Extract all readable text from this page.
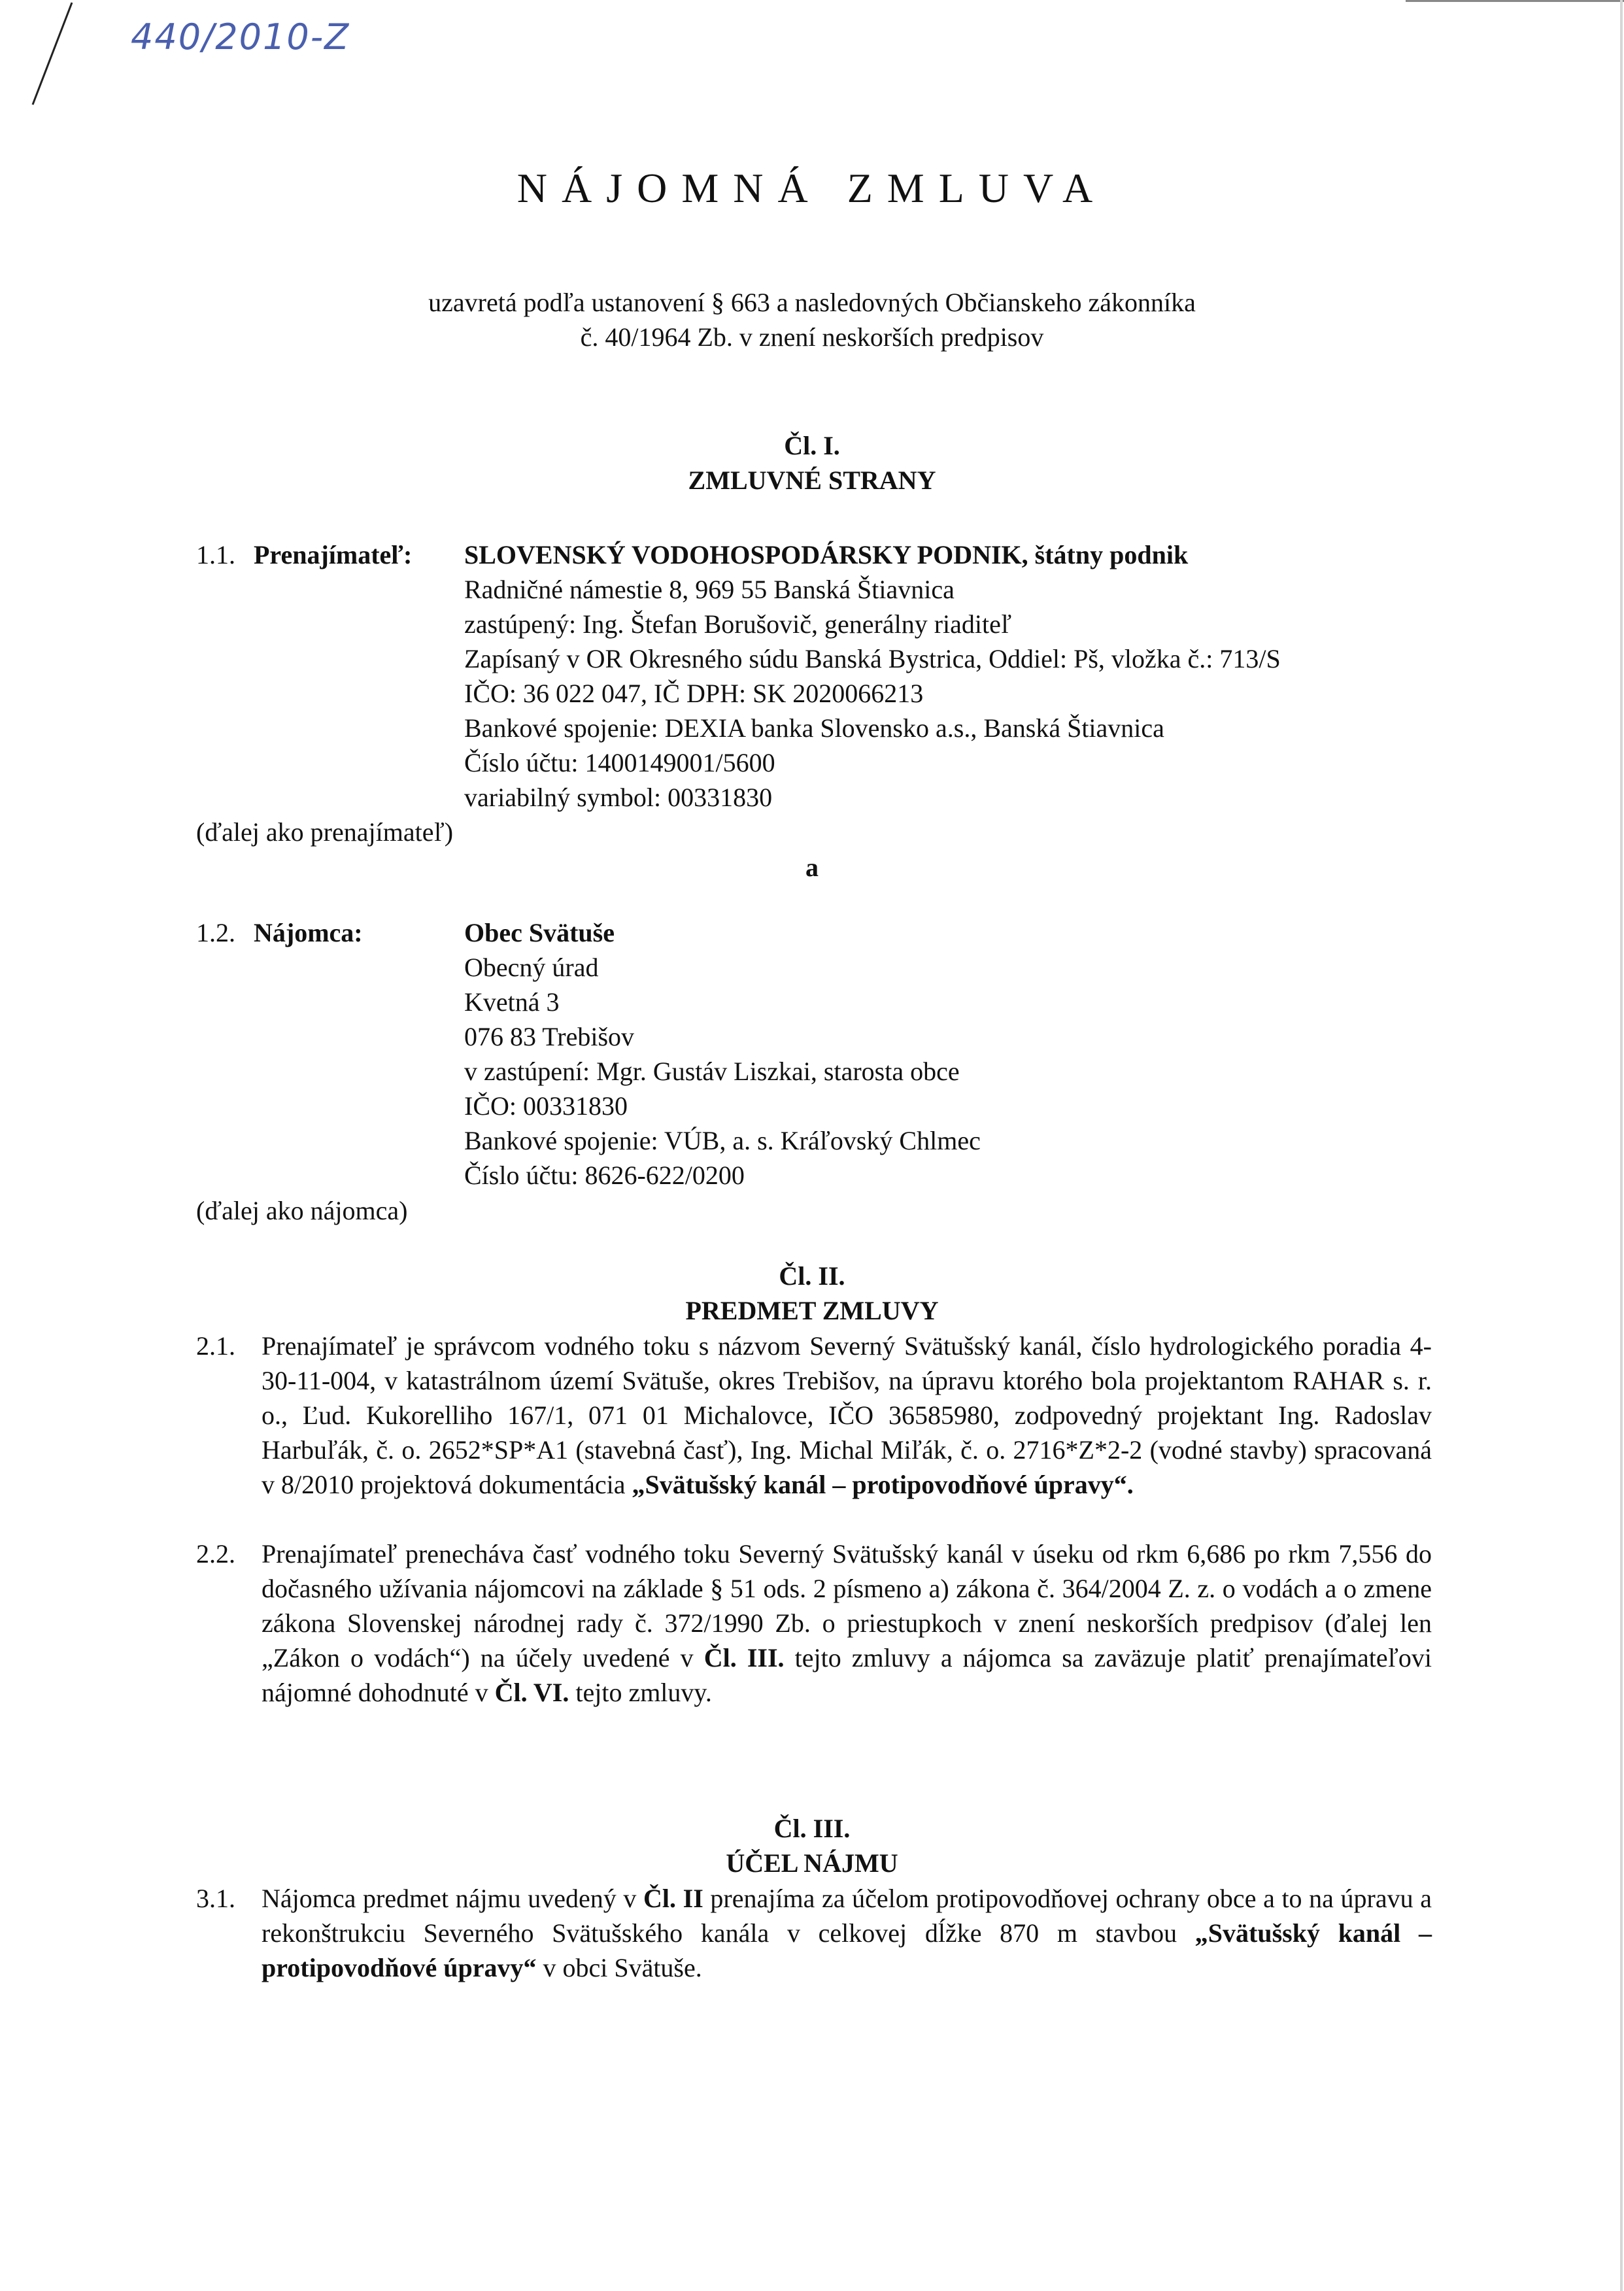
440/2010-Z
NÁJOMNÁ ZMLUVA
uzavretá podľa ustanovení § 663 a nasledovných Občianskeho zákonníka
č. 40/1964 Zb. v znení neskorších predpisov
Čl. I.
ZMLUVNÉ STRANY
1.1. Prenajímateľ: SLOVENSKÝ VODOHOSPODÁRSKY PODNIK, štátny podnik
Radničné námestie 8, 969 55 Banská Štiavnica
zastúpený: Ing. Štefan Borušovič, generálny riaditeľ
Zapísaný v OR Okresného súdu Banská Bystrica, Oddiel: Pš, vložka č.: 713/S
IČO: 36 022 047, IČ DPH: SK 2020066213
Bankové spojenie: DEXIA banka Slovensko a.s., Banská Štiavnica
Číslo účtu: 1400149001/5600
variabilný symbol: 00331830
(ďalej ako prenajímateľ)
a
1.2. Nájomca:	Obec Svätuše
Obecný úrad
Kvetná 3
076 83 Trebišov
v zastúpení: Mgr. Gustáv Liszkai, starosta obce
IČO: 00331830
Bankové spojenie: VÚB, a. s. Kráľovský Chlmec
Číslo účtu: 8626-622/0200
(ďalej ako nájomca)
Čl. II.
PREDMET ZMLUVY
2.1. Prenajímateľ je správcom vodného toku s názvom Severný Svätušský kanál, číslo hydrologického poradia 4-30-11-004, v katastrálnom území Svätuše, okres Trebišov, na úpravu ktorého bola projektantom RAHAR s. r. o., Ľud. Kukorelliho 167/1, 071 01 Michalovce, IČO 36585980, zodpovedný projektant Ing. Radoslav Harbuľák, č. o. 2652*SP*A1 (stavebná časť), Ing. Michal Miľák, č. o. 2716*Z*2-2 (vodné stavby) spracovaná v 8/2010 projektová dokumentácia „Svätušský kanál – protipovodňové úpravy“.
2.2. Prenajímateľ prenecháva časť vodného toku Severný Svätušský kanál v úseku od rkm 6,686 po rkm 7,556 do dočasného užívania nájomcovi na základe § 51 ods. 2 písmeno a) zákona č. 364/2004 Z. z. o vodách a o zmene zákona Slovenskej národnej rady č. 372/1990 Zb. o priestupkoch v znení neskorších predpisov (ďalej len „Zákon o vodách“) na účely uvedené v Čl. III. tejto zmluvy a nájomca sa zaväzuje platiť prenajímateľovi nájomné dohodnuté v Čl. VI. tejto zmluvy.
Čl. III.
ÚČEL NÁJMU
3.1. Nájomca predmet nájmu uvedený v Čl. II prenajíma za účelom protipovodňovej ochrany obce a to na úpravu a rekonštrukciu Severného Svätušského kanála v celkovej dĺžke 870 m stavbou „Svätušský kanál – protipovodňové úpravy“ v obci Svätuše.
